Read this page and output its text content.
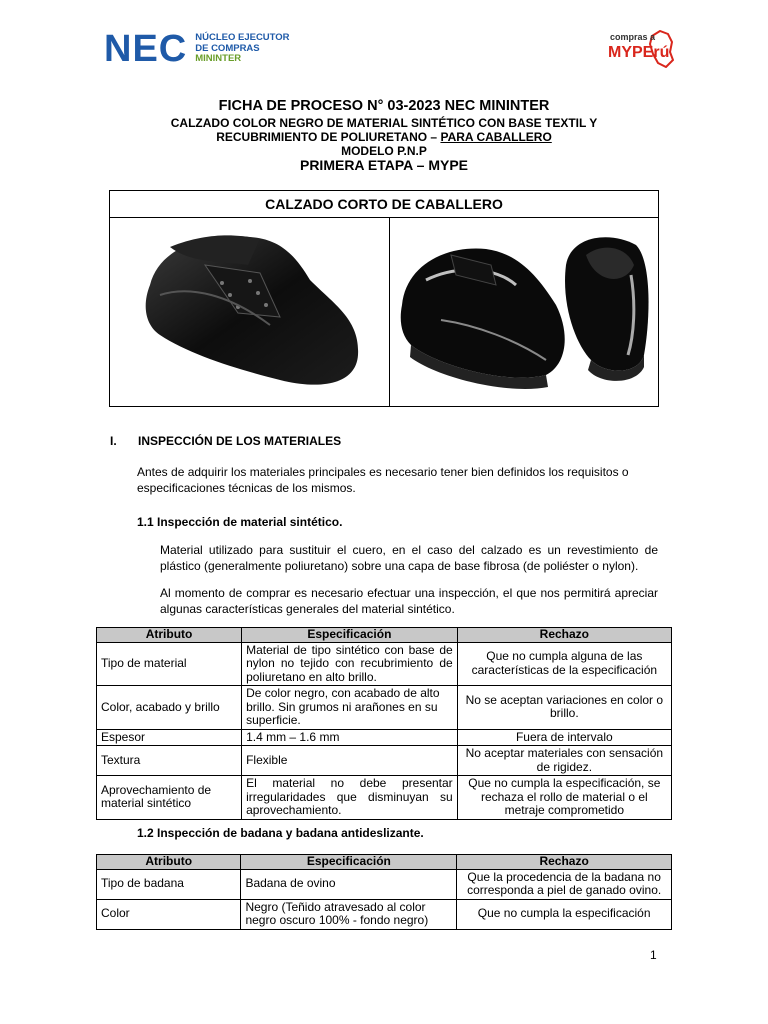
NEC NÚCLEO EJECUTOR
DE COMPRAS
MININTER
compras a
MYPErú
FICHA DE PROCESO N° 03-2023 NEC MININTER
CALZADO COLOR NEGRO DE MATERIAL SINTÉTICO CON BASE TEXTIL Y
RECUBRIMIENTO DE POLIURETANO – PARA CABALLERO
MODELO P.N.P
PRIMERA ETAPA – MYPE
CALZADO CORTO DE CABALLERO
I. INSPECCIÓN DE LOS MATERIALES
Antes de adquirir los materiales principales es necesario tener bien definidos los requisitos o especificaciones técnicas de los mismos.
1.1 Inspección de material sintético.
Material utilizado para sustituir el cuero, en el caso del calzado es un revestimiento de plástico (generalmente poliuretano) sobre una capa de base fibrosa (de poliéster o nylon).
Al momento de comprar es necesario efectuar una inspección, el que nos permitirá apreciar algunas características generales del material sintético.
Atributo	Especificación	Rechazo
Tipo de material	Material de tipo sintético con base de nylon no tejido con recubrimiento de poliuretano en alto brillo.	Que no cumpla alguna de las características de la especificación
Color, acabado y brillo	De color negro, con acabado de alto brillo. Sin grumos ni arañones en su superficie.	No se aceptan variaciones en color o brillo.
Espesor	1.4 mm – 1.6 mm	Fuera de intervalo
Textura	Flexible	No aceptar materiales con sensación de rigidez.
Aprovechamiento de material sintético	El material no debe presentar irregularidades que disminuyan su aprovechamiento.	Que no cumpla la especificación, se rechaza el rollo de material o el metraje comprometido
1.2 Inspección de badana y badana antideslizante.
Atributo	Especificación	Rechazo
Tipo de badana	Badana de ovino	Que la procedencia de la badana no corresponda a piel de ganado ovino.
Color	Negro (Teñido atravesado al color negro oscuro 100% - fondo negro)	Que no cumpla la especificación
1
